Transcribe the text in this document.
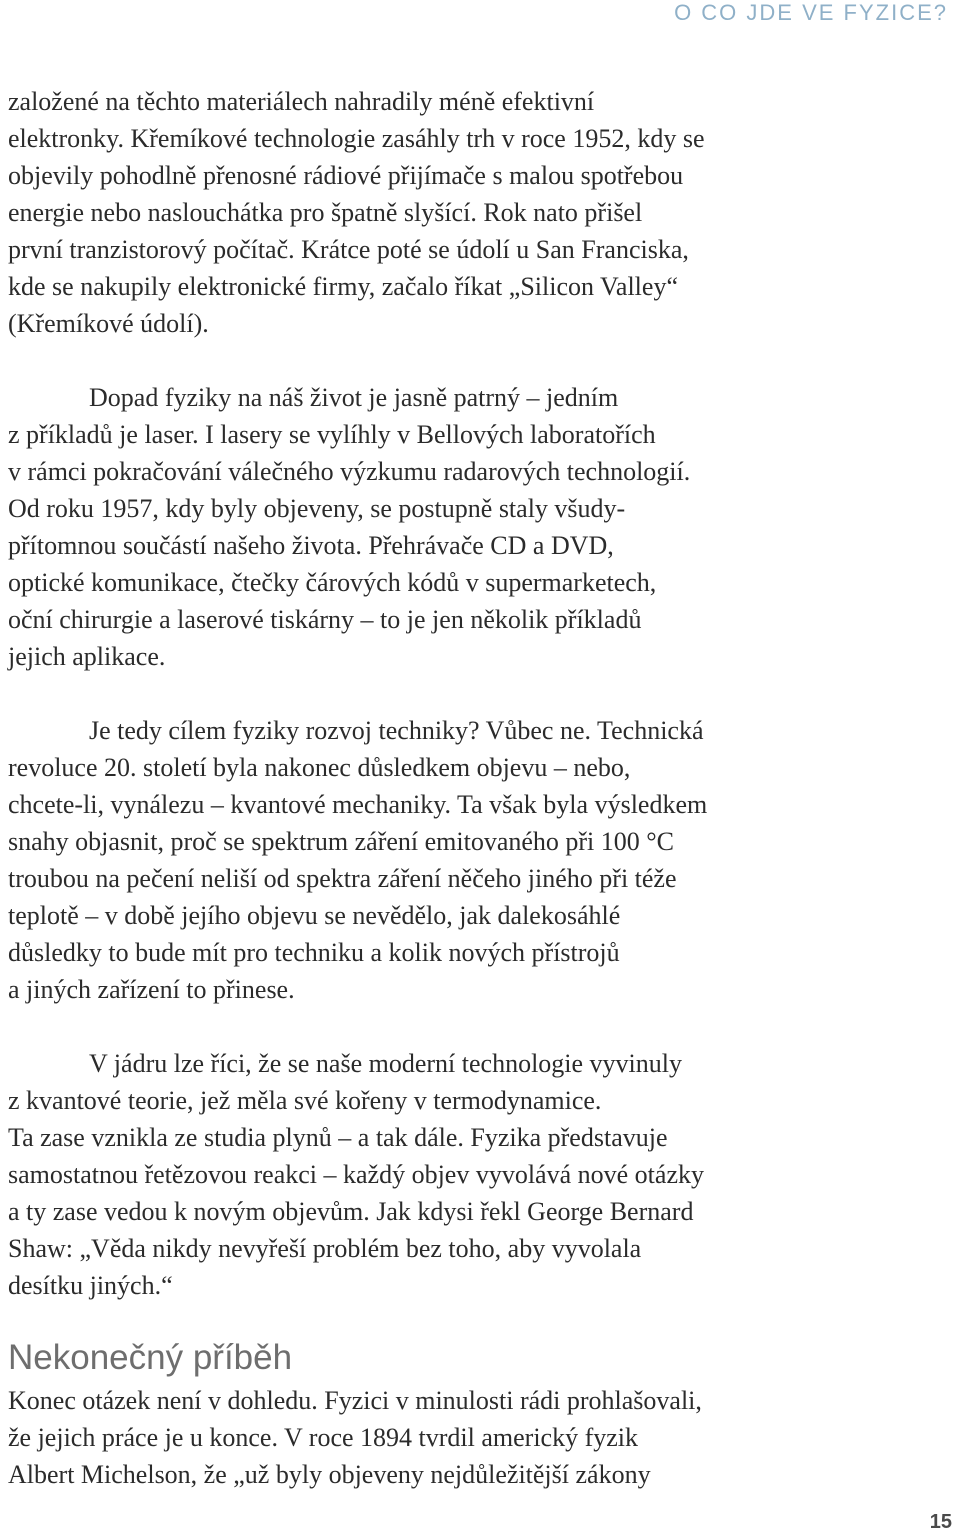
O CO JDE VE FYZICE?

založené na těchto materiálech nahradily méně efektivní
elektronky. Křemíkové technologie zasáhly trh v roce 1952, kdy se
objevily pohodlně přenosné rádiové přijímače s malou spotřebou
energie nebo naslouchátka pro špatně slyšící. Rok nato přišel
první tranzistorový počítač. Krátce poté se údolí u San Franciska,
kde se nakupily elektronické firmy, začalo říkat „Silicon Valley“
(Křemíkové údolí).

Dopad fyziky na náš život je jasně patrný – jedním
z příkladů je laser. I lasery se vylíhly v Bellových laboratořích
v rámci pokračování válečného výzkumu radarových technologií.
Od roku 1957, kdy byly objeveny, se postupně staly všudy-
přítomnou součástí našeho života. Přehrávače CD a DVD,
optické komunikace, čtečky čárových kódů v supermarketech,
oční chirurgie a laserové tiskárny – to je jen několik příkladů
jejich aplikace.

Je tedy cílem fyziky rozvoj techniky? Vůbec ne. Technická
revoluce 20. století byla nakonec důsledkem objevu – nebo,
chcete-li, vynálezu – kvantové mechaniky. Ta však byla výsledkem
snahy objasnit, proč se spektrum záření emitovaného při 100 °C
troubou na pečení neliší od spektra záření něčeho jiného při téže
teplotě – v době jejího objevu se nevědělo, jak dalekosáhlé
důsledky to bude mít pro techniku a kolik nových přístrojů
a jiných zařízení to přinese.

V jádru lze říci, že se naše moderní technologie vyvinuly
z kvantové teorie, jež měla své kořeny v termodynamice.
Ta zase vznikla ze studia plynů – a tak dále. Fyzika představuje
samostatnou řetězovou reakci – každý objev vyvolává nové otázky
a ty zase vedou k novým objevům. Jak kdysi řekl George Bernard
Shaw: „Věda nikdy nevyřeší problém bez toho, aby vyvolala
desítku jiných.“

Nekonečný příběh

Konec otázek není v dohledu. Fyzici v minulosti rádi prohlašovali,
že jejich práce je u konce. V roce 1894 tvrdil americký fyzik
Albert Michelson, že „už byly objeveny nejdůležitější zákony

15
